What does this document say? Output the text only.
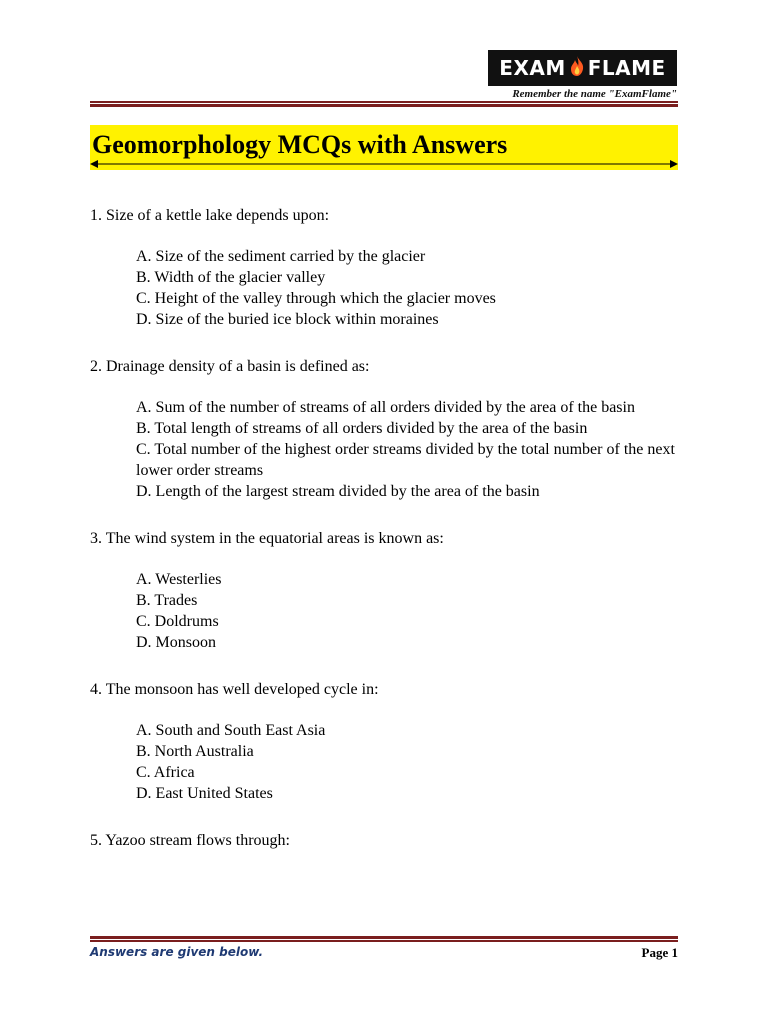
EXAM FLAME
Remember the name "ExamFlame"
Geomorphology MCQs with Answers
1. Size of a kettle lake depends upon:
A. Size of the sediment carried by the glacier
B. Width of the glacier valley
C. Height of the valley through which the glacier moves
D. Size of the buried ice block within moraines
2. Drainage density of a basin is defined as:
A. Sum of the number of streams of all orders divided by the area of the basin
B. Total length of streams of all orders divided by the area of the basin
C. Total number of the highest order streams divided by the total number of the next lower order streams
D. Length of the largest stream divided by the area of the basin
3. The wind system in the equatorial areas is known as:
A. Westerlies
B. Trades
C. Doldrums
D. Monsoon
4. The monsoon has well developed cycle in:
A. South and South East Asia
B. North Australia
C. Africa
D. East United States
5. Yazoo stream flows through:
Answers are given below.	Page 1
